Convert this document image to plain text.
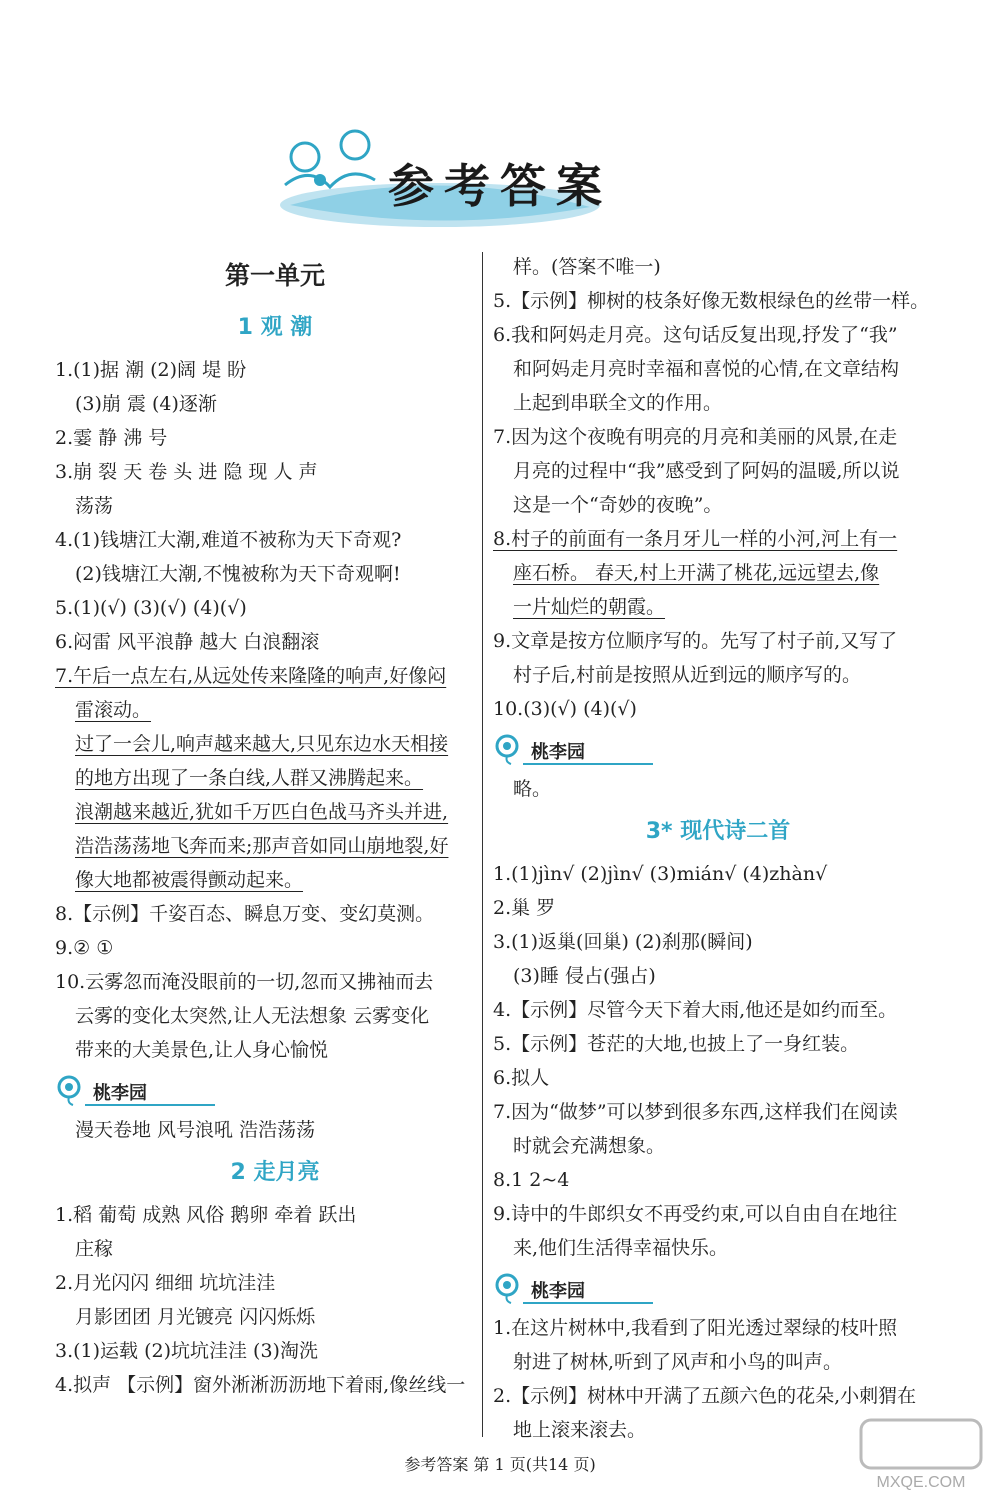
参考答案
第一单元
1 观 潮
1.(1)据 潮 (2)阔 堤 盼
(3)崩 震 (4)逐渐
2.霎 静 沸 号
3.崩 裂 天 卷 头 进 隐 现 人 声
荡荡
4.(1)钱塘江大潮,难道不被称为天下奇观?
(2)钱塘江大潮,不愧被称为天下奇观啊!
5.(1)(√) (3)(√) (4)(√)
6.闷雷 风平浪静 越大 白浪翻滚
7.午后一点左右,从远处传来隆隆的响声,好像闷
雷滚动。
过了一会儿,响声越来越大,只见东边水天相接
的地方出现了一条白线,人群又沸腾起来。
浪潮越来越近,犹如千万匹白色战马齐头并进,
浩浩荡荡地飞奔而来;那声音如同山崩地裂,好
像大地都被震得颤动起来。
8.【示例】千姿百态、瞬息万变、变幻莫测。
9.② ①
10.云雾忽而淹没眼前的一切,忽而又拂袖而去
云雾的变化太突然,让人无法想象 云雾变化
带来的大美景色,让人身心愉悦
桃李园
漫天卷地 风号浪吼 浩浩荡荡
2 走月亮
1.稻 葡萄 成熟 风俗 鹅卵 牵着 跃出
庄稼
2.月光闪闪 细细 坑坑洼洼
月影团团 月光镀亮 闪闪烁烁
3.(1)运载 (2)坑坑洼洼 (3)淘洗
4.拟声 【示例】窗外淅淅沥沥地下着雨,像丝线一
样。(答案不唯一)
5.【示例】柳树的枝条好像无数根绿色的丝带一样。
6.我和阿妈走月亮。这句话反复出现,抒发了“我”
和阿妈走月亮时幸福和喜悦的心情,在文章结构
上起到串联全文的作用。
7.因为这个夜晚有明亮的月亮和美丽的风景,在走
月亮的过程中“我”感受到了阿妈的温暖,所以说
这是一个“奇妙的夜晚”。
8.村子的前面有一条月牙儿一样的小河,河上有一
座石桥。 春天,村上开满了桃花,远远望去,像
一片灿烂的朝霞。
9.文章是按方位顺序写的。先写了村子前,又写了
村子后,村前是按照从近到远的顺序写的。
10.(3)(√) (4)(√)
桃李园
略。
3* 现代诗二首
1.(1)jìn√ (2)jìn√ (3)mián√ (4)zhàn√
2.巢 罗
3.(1)返巢(回巢) (2)刹那(瞬间)
(3)睡 侵占(强占)
4.【示例】尽管今天下着大雨,他还是如约而至。
5.【示例】苍茫的大地,也披上了一身红装。
6.拟人
7.因为“做梦”可以梦到很多东西,这样我们在阅读
时就会充满想象。
8.1 2~4
9.诗中的牛郎织女不再受约束,可以自由自在地往
来,他们生活得幸福快乐。
桃李园
1.在这片树林中,我看到了阳光透过翠绿的枝叶照
射进了树林,听到了风声和小鸟的叫声。
2.【示例】树林中开满了五颜六色的花朵,小刺猬在
地上滚来滚去。
参考答案 第 1 页(共14 页)
MXQE.COM
